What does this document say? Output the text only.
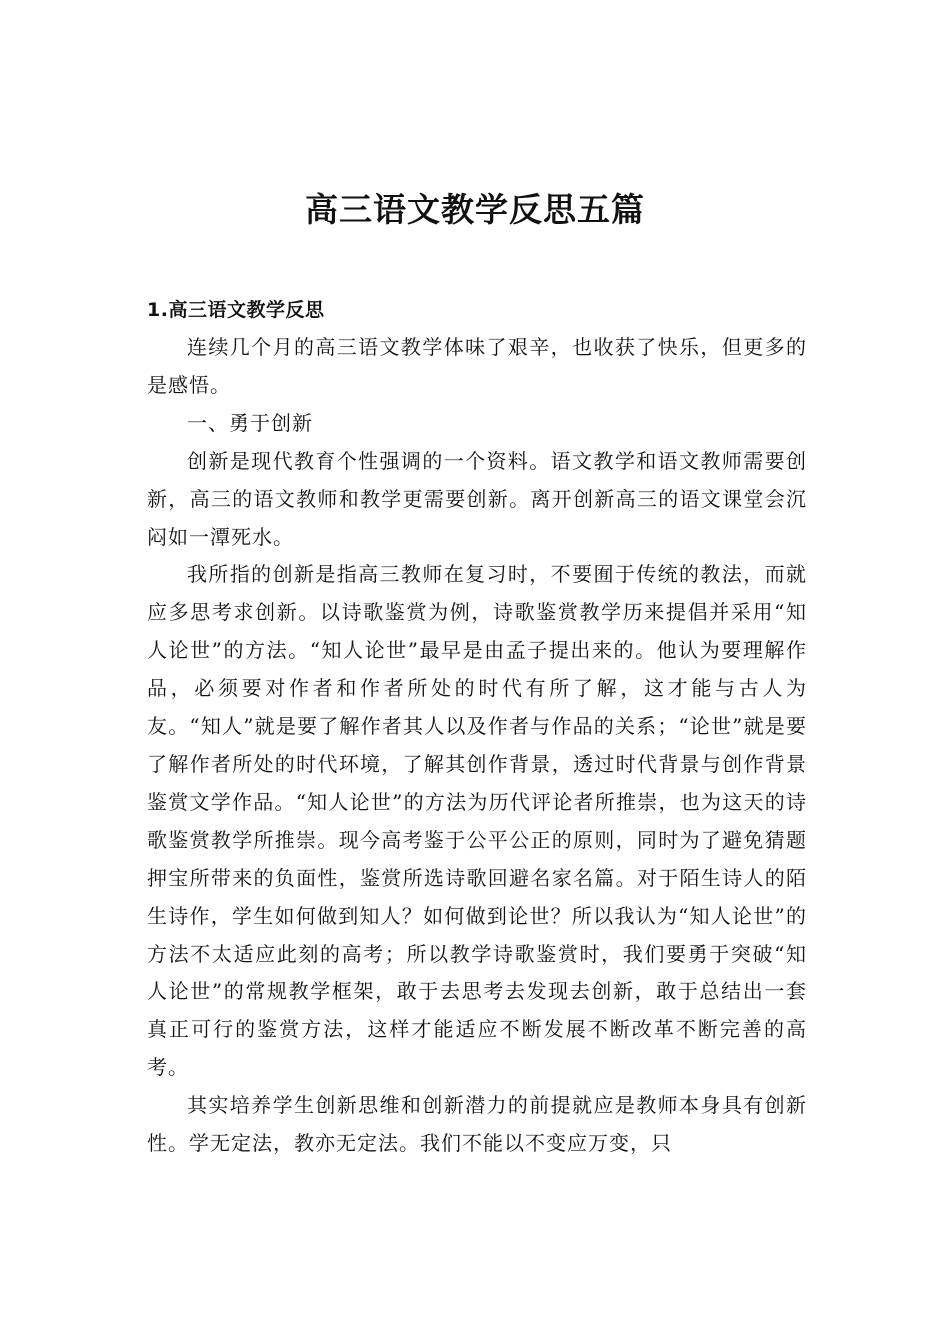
高三语文教学反思五篇
1.高三语文教学反思

连续几个月的高三语文教学体味了艰辛，也收获了快乐，但更多的是感悟。

一、勇于创新

创新是现代教育个性强调的一个资料。语文教学和语文教师需要创新，高三的语文教师和教学更需要创新。离开创新高三的语文课堂会沉闷如一潭死水。

我所指的创新是指高三教师在复习时，不要囿于传统的教法，而就应多思考求创新。以诗歌鉴赏为例，诗歌鉴赏教学历来提倡并采用“知人论世”的方法。“知人论世”最早是由孟子提出来的。他认为要理解作品，必须要对作者和作者所处的时代有所了解，这才能与古人为友。“知人”就是要了解作者其人以及作者与作品的关系；“论世”就是要了解作者所处的时代环境，了解其创作背景，透过时代背景与创作背景鉴赏文学作品。“知人论世”的方法为历代评论者所推崇，也为这天的诗歌鉴赏教学所推崇。现今高考鉴于公平公正的原则，同时为了避免猜题押宝所带来的负面性，鉴赏所选诗歌回避名家名篇。对于陌生诗人的陌生诗作，学生如何做到知人？如何做到论世？所以我认为“知人论世”的方法不太适应此刻的高考；所以教学诗歌鉴赏时，我们要勇于突破“知人论世”的常规教学框架，敢于去思考去发现去创新，敢于总结出一套真正可行的鉴赏方法，这样才能适应不断发展不断改革不断完善的高考。

其实培养学生创新思维和创新潜力的前提就应是教师本身具有创新性。学无定法，教亦无定法。我们不能以不变应万变，只
